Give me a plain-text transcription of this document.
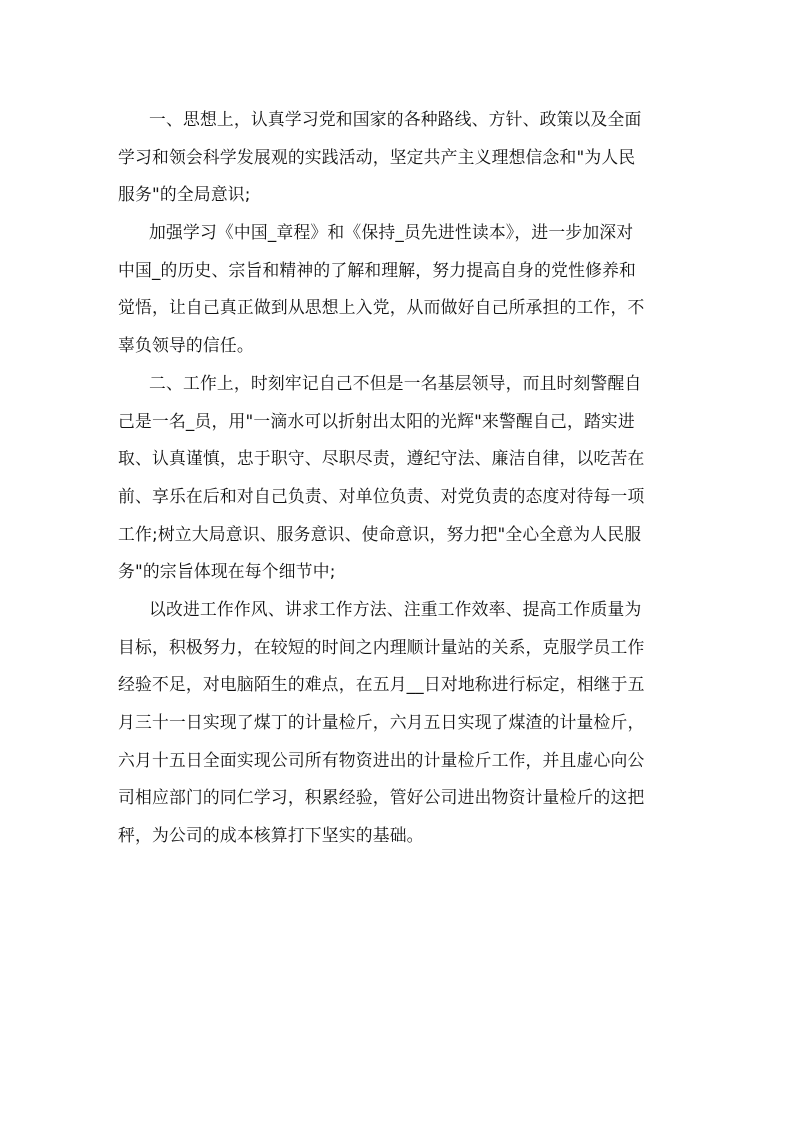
一、思想上，认真学习党和国家的各种路线、方针、政策以及全面
学习和领会科学发展观的实践活动，坚定共产主义理想信念和"为人民
服务"的全局意识;
加强学习《中国_章程》和《保持_员先进性读本》，进一步加深对
中国_的历史、宗旨和精神的了解和理解，努力提高自身的党性修养和
觉悟，让自己真正做到从思想上入党，从而做好自己所承担的工作，不
辜负领导的信任。
二、工作上，时刻牢记自己不但是一名基层领导，而且时刻警醒自
己是一名_员，用"一滴水可以折射出太阳的光辉"来警醒自己，踏实进
取、认真谨慎，忠于职守、尽职尽责，遵纪守法、廉洁自律，以吃苦在
前、享乐在后和对自己负责、对单位负责、对党负责的态度对待每一项
工作;树立大局意识、服务意识、使命意识，努力把"全心全意为人民服
务"的宗旨体现在每个细节中;
以改进工作作风、讲求工作方法、注重工作效率、提高工作质量为
目标，积极努力，在较短的时间之内理顺计量站的关系，克服学员工作
经验不足，对电脑陌生的难点，在五月__日对地称进行标定，相继于五
月三十一日实现了煤丁的计量检斤，六月五日实现了煤渣的计量检斤，
六月十五日全面实现公司所有物资进出的计量检斤工作，并且虚心向公
司相应部门的同仁学习，积累经验，管好公司进出物资计量检斤的这把
秤，为公司的成本核算打下坚实的基础。
